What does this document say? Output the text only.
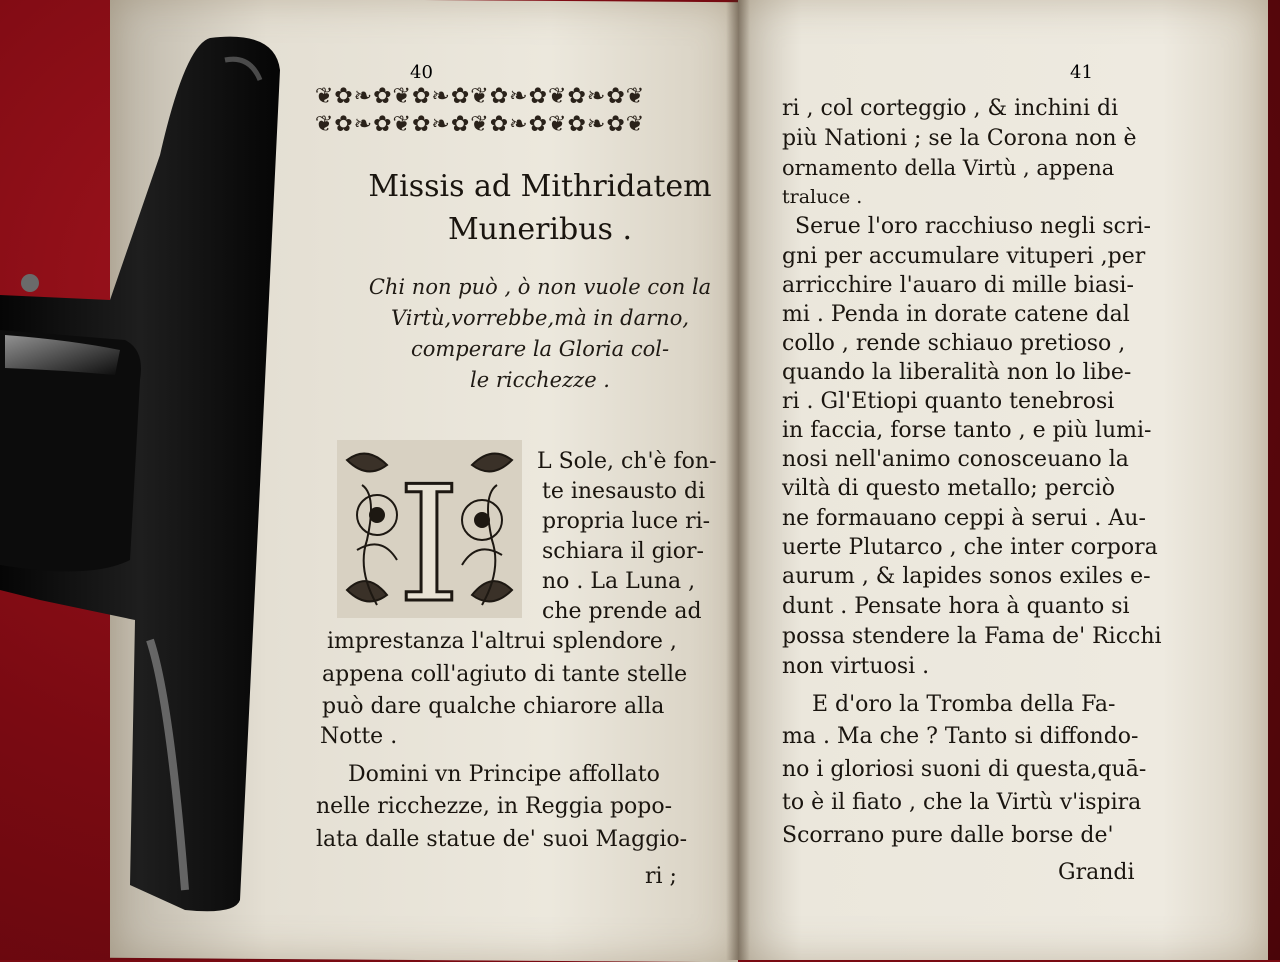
40
❦✿❧✿❦✿❧✿❦✿❧✿❦✿❧✿❦
❦✿❧✿❦✿❧✿❦✿❧✿❦✿❧✿❦
Missis ad Mithridatem
Muneribus .
Chi non può , ò non vuole con la
Virtù,vorrebbe,mà in darno,
comperare la Gloria col-
le ricchezze .
I	L Sole, ch'è fon-
te inesausto di
propria luce ri-
schiara il gior-
no . La Luna ,
che prende ad
imprestanza l'altrui splendore ,
appena coll'agiuto di tante stelle
può dare qualche chiarore alla
Notte .
Domini vn Principe affollato
nelle ricchezze, in Reggia popo-
lata dalle statue de' suoi Maggio-
ri ;
41
ri , col corteggio , & inchini di
più Nationi ; se la Corona non è
ornamento della Virtù , appena
traluce .
Serue l'oro racchiuso negli scri-
gni per accumulare vituperi ,per
arricchire l'auaro di mille biasi-
mi . Penda in dorate catene dal
collo , rende schiauo pretioso ,
quando la liberalità non lo libe-
ri . Gl'Etiopi quanto tenebrosi
in faccia, forse tanto , e più lumi-
nosi nell'animo conosceuano la
viltà di questo metallo; perciò
ne formauano ceppi à serui . Au-
uerte Plutarco , che inter corpora
aurum , & lapides sonos exiles e-
dunt . Pensate hora à quanto si
possa stendere la Fama de' Ricchi
non virtuosi .
E d'oro la Tromba della Fa-
ma . Ma che ? Tanto si diffondo-
no i gloriosi suoni di questa,quā-
to è il fiato , che la Virtù v'ispira
Scorrano pure dalle borse de'
Grandi
